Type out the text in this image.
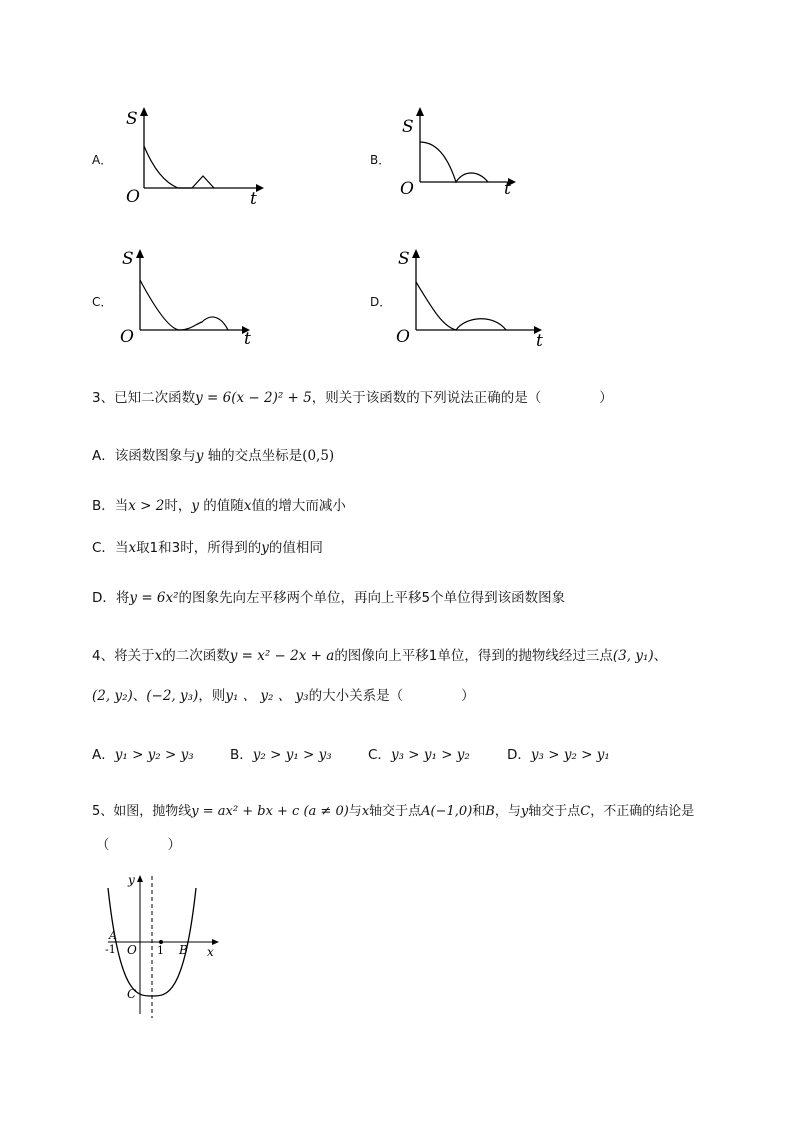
A．
S
O	t
B．
S
O	t
C．
S
O	t
D．
S
O	t
3、已知二次函数y = 6(x − 2)² + 5，则关于该函数的下列说法正确的是（	）
A．该函数图象与y 轴的交点坐标是(0,5)
B．当x > 2时，y 的值随x值的增大而减小
C．当x取1和3时，所得到的y的值相同
D．将y = 6x²的图象先向左平移两个单位，再向上平移5个单位得到该函数图象
4、将关于x的二次函数y = x² − 2x + a的图像向上平移1单位，得到的抛物线经过三点(3, y₁)、
(2, y₂)、(−2, y₃)，则y₁ 、 y₂ 、 y₃的大小关系是（	）
A．y₁ > y₂ > y₃	B．y₂ > y₁ > y₃	C．y₃ > y₁ > y₂	D．y₃ > y₂ > y₁
5、如图，抛物线y = ax² + bx + c (a ≠ 0)与x轴交于点A(−1,0)和B，与y轴交于点C，不正确的结论是
（	）
y
x
A
-1 O 1 B
C
